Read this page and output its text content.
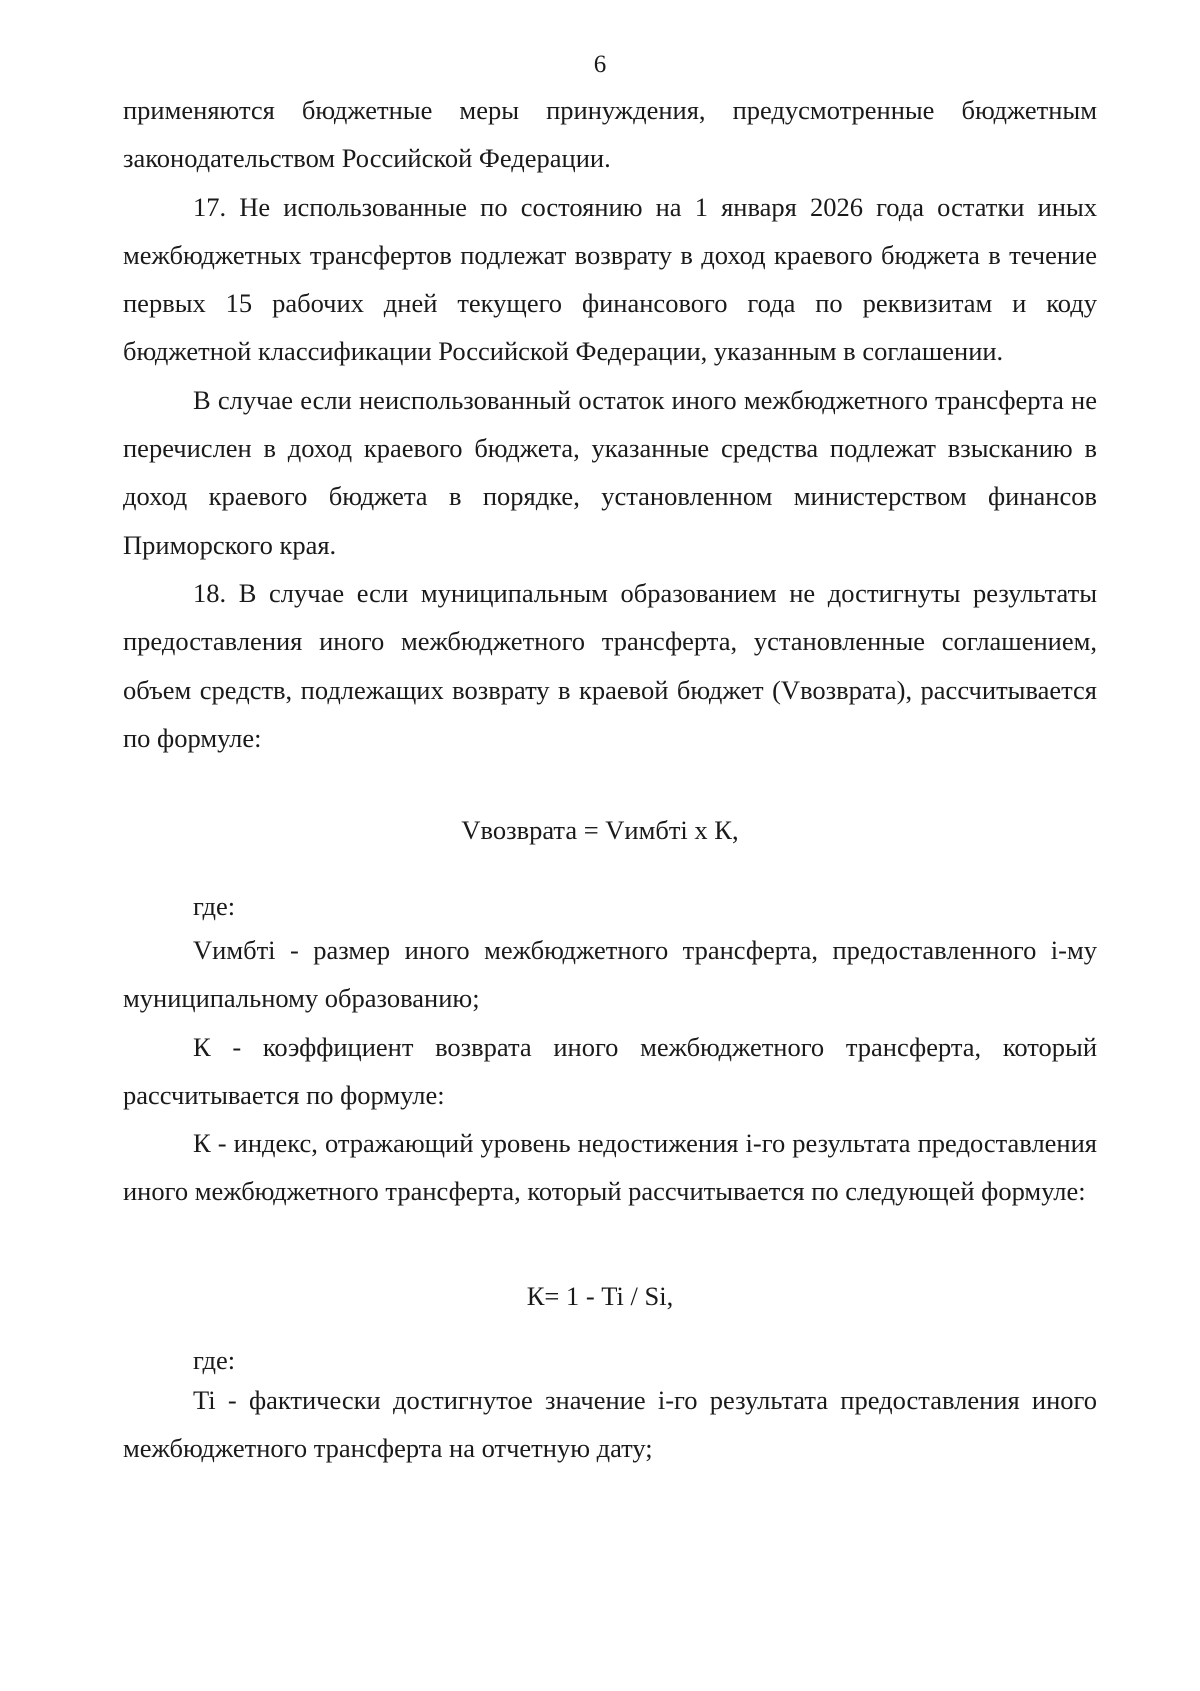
6

применяются бюджетные меры принуждения, предусмотренные бюджетным законодательством Российской Федерации.

17. Не использованные по состоянию на 1 января 2026 года остатки иных межбюджетных трансфертов подлежат возврату в доход краевого бюджета в течение первых 15 рабочих дней текущего финансового года по реквизитам и коду бюджетной классификации Российской Федерации, указанным в соглашении.

В случае если неиспользованный остаток иного межбюджетного трансферта не перечислен в доход краевого бюджета, указанные средства подлежат взысканию в доход краевого бюджета в порядке, установленном министерством финансов Приморского края.

18. В случае если муниципальным образованием не достигнуты результаты предоставления иного межбюджетного трансферта, установленные соглашением, объем средств, подлежащих возврату в краевой бюджет (Vвозврата), рассчитывается по формуле:

Vвозврата = Vимбтi х К,
где:

Vимбтi - размер иного межбюджетного трансферта, предоставленного i-му муниципальному образованию;

К - коэффициент возврата иного межбюджетного трансферта, который рассчитывается по формуле:

К - индекс, отражающий уровень недостижения i-го результата предоставления иного межбюджетного трансферта, который рассчитывается по следующей формуле:

К= 1 - Ti / Si,
где:

Ti - фактически достигнутое значение i-го результата предоставления иного межбюджетного трансферта на отчетную дату;
